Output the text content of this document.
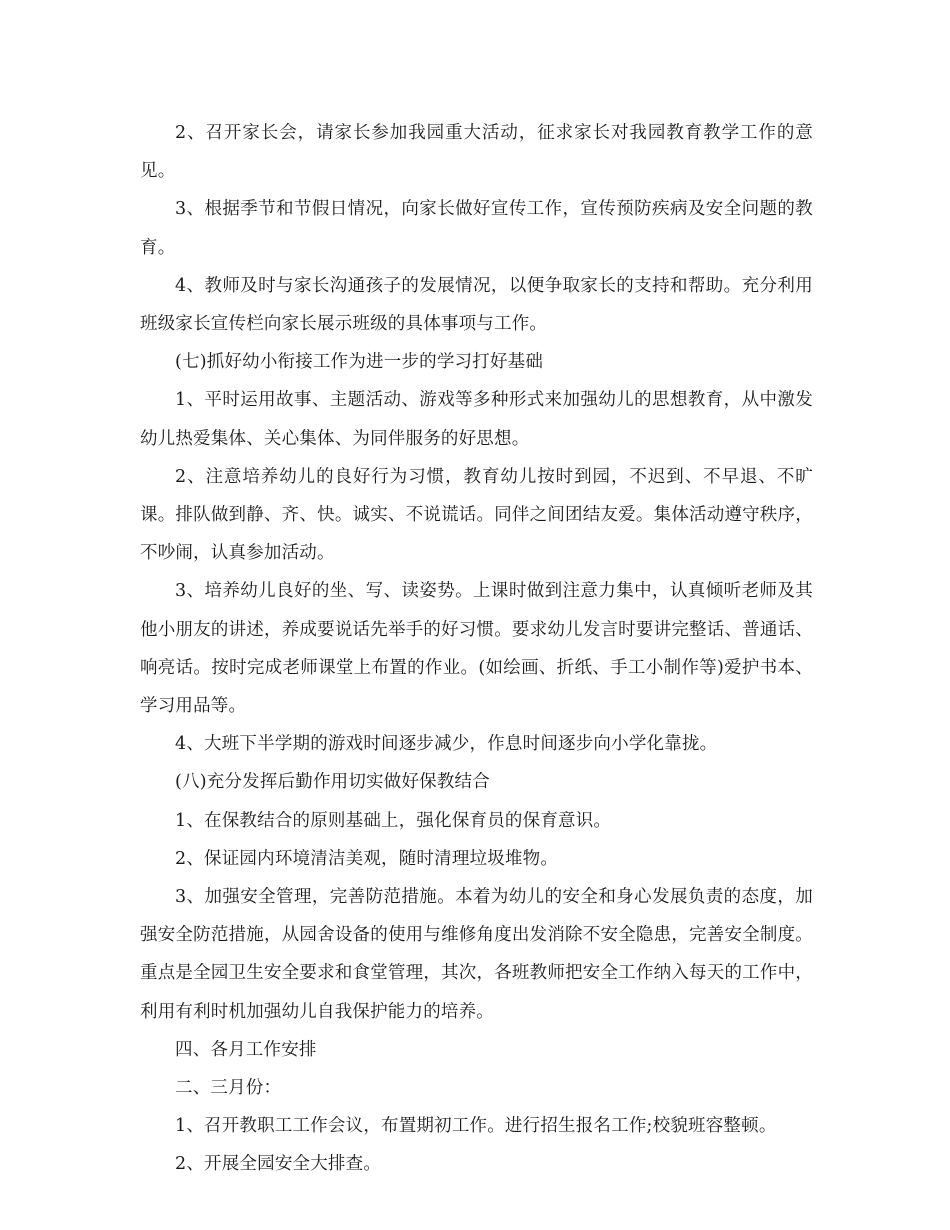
2、召开家长会，请家长参加我园重大活动，征求家长对我园教育教学工作的意见。

3、根据季节和节假日情况，向家长做好宣传工作，宣传预防疾病及安全问题的教育。

4、教师及时与家长沟通孩子的发展情况，以便争取家长的支持和帮助。充分利用班级家长宣传栏向家长展示班级的具体事项与工作。

(七)抓好幼小衔接工作为进一步的学习打好基础

1、平时运用故事、主题活动、游戏等多种形式来加强幼儿的思想教育，从中激发幼儿热爱集体、关心集体、为同伴服务的好思想。

2、注意培养幼儿的良好行为习惯，教育幼儿按时到园，不迟到、不早退、不旷课。排队做到静、齐、快。诚实、不说谎话。同伴之间团结友爱。集体活动遵守秩序，不吵闹，认真参加活动。

3、培养幼儿良好的坐、写、读姿势。上课时做到注意力集中，认真倾听老师及其他小朋友的讲述，养成要说话先举手的好习惯。要求幼儿发言时要讲完整话、普通话、响亮话。按时完成老师课堂上布置的作业。(如绘画、折纸、手工小制作等)爱护书本、学习用品等。

4、大班下半学期的游戏时间逐步减少，作息时间逐步向小学化靠拢。

(八)充分发挥后勤作用切实做好保教结合

1、在保教结合的原则基础上，强化保育员的保育意识。

2、保证园内环境清洁美观，随时清理垃圾堆物。

3、加强安全管理，完善防范措施。本着为幼儿的安全和身心发展负责的态度，加强安全防范措施，从园舍设备的使用与维修角度出发消除不安全隐患，完善安全制度。重点是全园卫生安全要求和食堂管理，其次，各班教师把安全工作纳入每天的工作中，利用有利时机加强幼儿自我保护能力的培养。

四、各月工作安排

二、三月份：

1、召开教职工工作会议，布置期初工作。进行招生报名工作;校貌班容整顿。

2、开展全园安全大排查。
